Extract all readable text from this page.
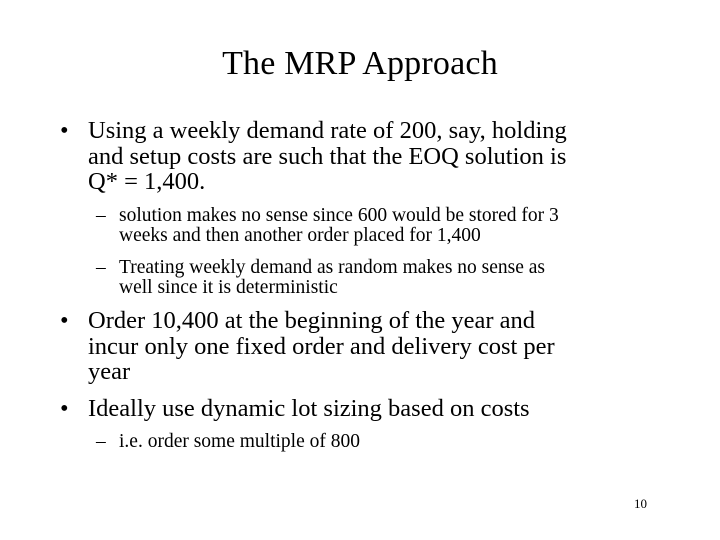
The MRP Approach
• Using a weekly demand rate of 200, say, holding
and setup costs are such that the EOQ solution is
Q* = 1,400.
– solution makes no sense since 600 would be stored for 3
weeks and then another order placed for 1,400
– Treating weekly demand as random makes no sense as
well since it is deterministic
• Order 10,400 at the beginning of the year and
incur only one fixed order and delivery cost per
year
• Ideally use dynamic lot sizing based on costs
– i.e. order some multiple of 800
10
